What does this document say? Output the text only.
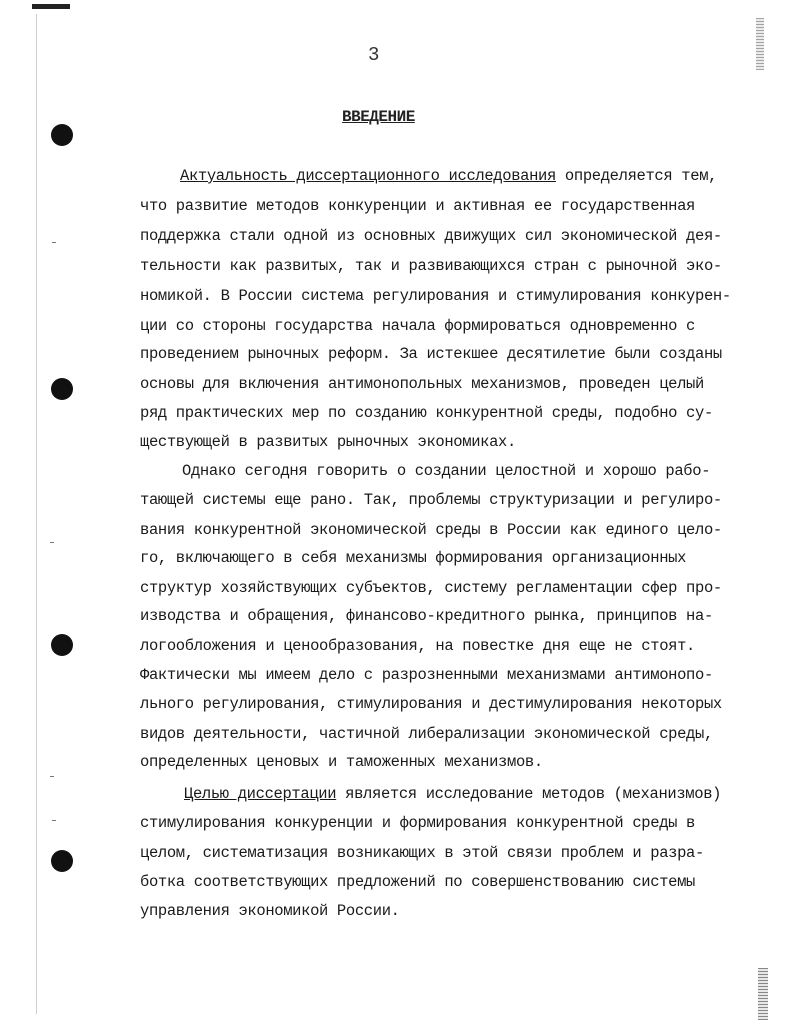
3
ВВЕДЕНИЕ
Актуальность диссертационного исследования определяется тем,
что развитие методов конкуренции и активная ее государственная
поддержка стали одной из основных движущих сил экономической дея-
тельности как развитых, так и развивающихся стран с рыночной эко-
номикой. В России система регулирования и стимулирования конкурен-
ции со стороны государства начала формироваться одновременно с
проведением рыночных реформ. За истекшее десятилетие были созданы
основы для включения антимонопольных механизмов, проведен целый
ряд практических мер по созданию конкурентной среды, подобно су-
ществующей в развитых рыночных экономиках.
Однако сегодня говорить о создании целостной и хорошо рабо-
тающей системы еще рано. Так, проблемы структуризации и регулиро-
вания конкурентной экономической среды в России как единого цело-
го, включающего в себя механизмы формирования организационных
структур хозяйствующих субъектов, систему регламентации сфер про-
изводства и обращения, финансово-кредитного рынка, принципов на-
логообложения и ценообразования, на повестке дня еще не стоят.
Фактически мы имеем дело с разрозненными механизмами антимонопо-
льного регулирования, стимулирования и дестимулирования некоторых
видов деятельности, частичной либерализации экономической среды,
определенных ценовых и таможенных механизмов.
Целью диссертации является исследование методов (механизмов)
стимулирования конкуренции и формирования конкурентной среды в
целом, систематизация возникающих в этой связи проблем и разра-
ботка соответствующих предложений по совершенствованию системы
управления экономикой России.
